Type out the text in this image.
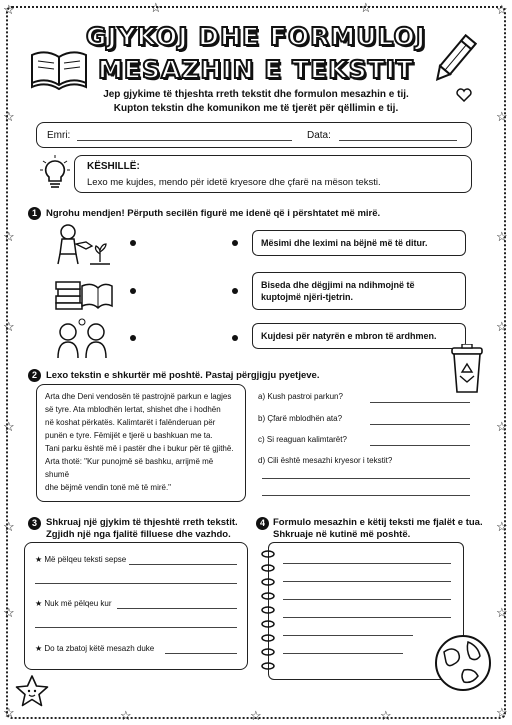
☆	☆
☆	☆
☆	☆
☆	☆
☆	☆
☆	☆
☆	☆
☆	☆
☆	☆	☆
☆	☆
GJYKOJ DHE FORMULOJ
MESAZHIN E TEKSTIT
Jep gjykime të thjeshta rreth tekstit dhe formulon mesazhin e tij.
Kupton tekstin dhe komunikon me të tjerët për qëllimin e tij.
Emri:	Data:
KËSHILLË:
Lexo me kujdes, mendo për idetë kryesore dhe çfarë na mëson teksti.
1 Ngrohu mendjen! Përputh secilën figurë me idenë që i përshtatet më mirë.
Mësimi dhe leximi na bëjnë më të ditur.
Biseda dhe dëgjimi na ndihmojnë të kuptojmë njëri-tjetrin.
Kujdesi për natyrën e mbron të ardhmen.
2 Lexo tekstin e shkurtër më poshtë. Pastaj përgjigju pyetjeve.
Arta dhe Deni vendosën të pastrojnë parkun e lagjes
së tyre. Ata mblodhën lertat, shishet dhe i hodhën
në koshat përkatës. Kalimtarët i falënderuan për
punën e tyre. Fëmijët e tjerë u bashkuan me ta.
Tani parku është më i pastër dhe i bukur për të gjithë.
Arta thotë: "Kur punojmë së bashku, arrijmë më shumë
dhe bëjmë vendin tonë më të mirë."
a) Kush pastroi parkun?
b) Çfarë mblodhën ata?
c) Si reaguan kalimtarët?
d) Cili është mesazhi kryesor i tekstit?
3 Shkruaj një gjykim të thjeshtë rreth tekstit.
Zgjidh një nga fjalitë filluese dhe vazhdo.
★ Më pëlqeu teksti sepse
★ Nuk më pëlqeu kur
★ Do ta zbatoj këtë mesazh duke
4 Formulo mesazhin e këtij teksti me fjalët e tua.
Shkruaje në kutinë më poshtë.
